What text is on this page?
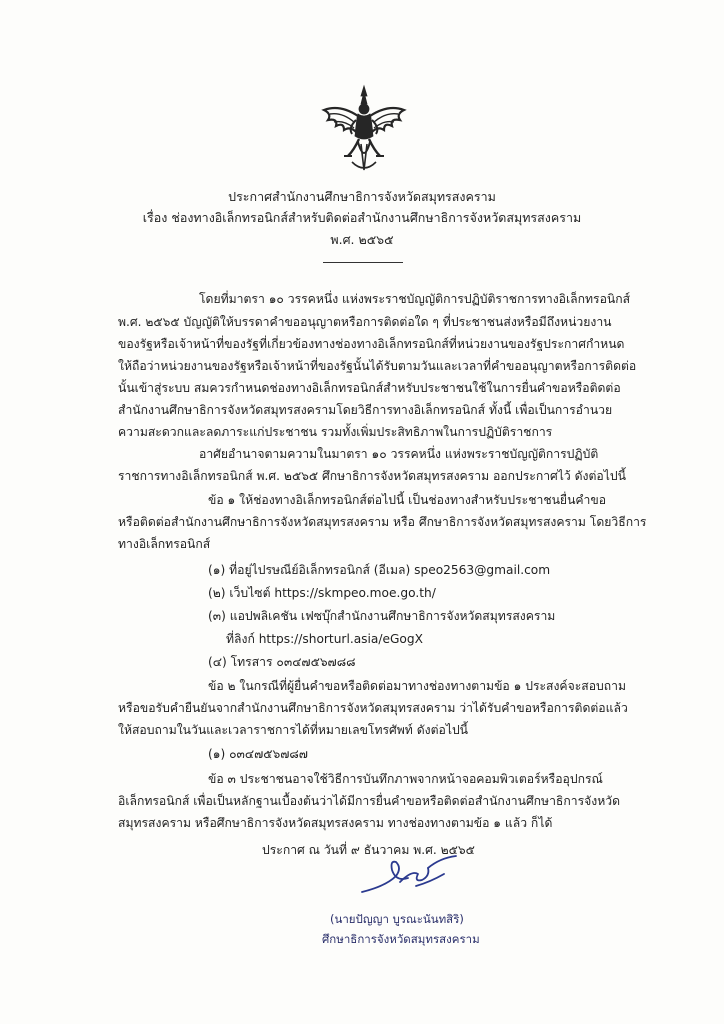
ประกาศสำนักงานศึกษาธิการจังหวัดสมุทรสงคราม
เรื่อง ช่องทางอิเล็กทรอนิกส์สำหรับติดต่อสำนักงานศึกษาธิการจังหวัดสมุทรสงคราม
พ.ศ. ๒๕๖๕
โดยที่มาตรา ๑๐ วรรคหนึ่ง แห่งพระราชบัญญัติการปฏิบัติราชการทางอิเล็กทรอนิกส์
พ.ศ. ๒๕๖๕ บัญญัติให้บรรดาคำขออนุญาตหรือการติดต่อใด ๆ ที่ประชาชนส่งหรือมีถึงหน่วยงาน
ของรัฐหรือเจ้าหน้าที่ของรัฐที่เกี่ยวข้องทางช่องทางอิเล็กทรอนิกส์ที่หน่วยงานของรัฐประกาศกำหนด
ให้ถือว่าหน่วยงานของรัฐหรือเจ้าหน้าที่ของรัฐนั้นได้รับตามวันและเวลาที่คำขออนุญาตหรือการติดต่อ
นั้นเข้าสู่ระบบ สมควรกำหนดช่องทางอิเล็กทรอนิกส์สำหรับประชาชนใช้ในการยื่นคำขอหรือติดต่อ
สำนักงานศึกษาธิการจังหวัดสมุทรสงครามโดยวิธีการทางอิเล็กทรอนิกส์ ทั้งนี้ เพื่อเป็นการอำนวย
ความสะดวกและลดภาระแก่ประชาชน รวมทั้งเพิ่มประสิทธิภาพในการปฏิบัติราชการ
อาศัยอำนาจตามความในมาตรา ๑๐ วรรคหนึ่ง แห่งพระราชบัญญัติการปฏิบัติ
ราชการทางอิเล็กทรอนิกส์ พ.ศ. ๒๕๖๕ ศึกษาธิการจังหวัดสมุทรสงคราม ออกประกาศไว้ ดังต่อไปนี้
ข้อ ๑ ให้ช่องทางอิเล็กทรอนิกส์ต่อไปนี้ เป็นช่องทางสำหรับประชาชนยื่นคำขอ
หรือติดต่อสำนักงานศึกษาธิการจังหวัดสมุทรสงคราม หรือ ศึกษาธิการจังหวัดสมุทรสงคราม โดยวิธีการ
ทางอิเล็กทรอนิกส์
(๑) ที่อยู่ไปรษณีย์อิเล็กทรอนิกส์ (อีเมล) speo2563@gmail.com
(๒) เว็บไซต์ https://skmpeo.moe.go.th/
(๓) แอปพลิเคชัน เฟซบุ๊กสำนักงานศึกษาธิการจังหวัดสมุทรสงคราม
ที่ลิงก์ https://shorturl.asia/eGogX
(๔) โทรสาร ๐๓๔๗๕๖๗๘๘
ข้อ ๒ ในกรณีที่ผู้ยื่นคำขอหรือติดต่อมาทางช่องทางตามข้อ ๑ ประสงค์จะสอบถาม
หรือขอรับคำยืนยันจากสำนักงานศึกษาธิการจังหวัดสมุทรสงคราม ว่าได้รับคำขอหรือการติดต่อแล้ว
ให้สอบถามในวันและเวลาราชการได้ที่หมายเลขโทรศัพท์ ดังต่อไปนี้
(๑) ๐๓๔๗๕๖๗๘๗
ข้อ ๓ ประชาชนอาจใช้วิธีการบันทึกภาพจากหน้าจอคอมพิวเตอร์หรืออุปกรณ์
อิเล็กทรอนิกส์ เพื่อเป็นหลักฐานเบื้องต้นว่าได้มีการยื่นคำขอหรือติดต่อสำนักงานศึกษาธิการจังหวัด
สมุทรสงคราม หรือศึกษาธิการจังหวัดสมุทรสงคราม ทางช่องทางตามข้อ ๑ แล้ว ก็ได้
ประกาศ ณ วันที่ ๙ ธันวาคม พ.ศ. ๒๕๖๕
(นายปัญญา บูรณะนันทสิริ)
ศึกษาธิการจังหวัดสมุทรสงคราม
